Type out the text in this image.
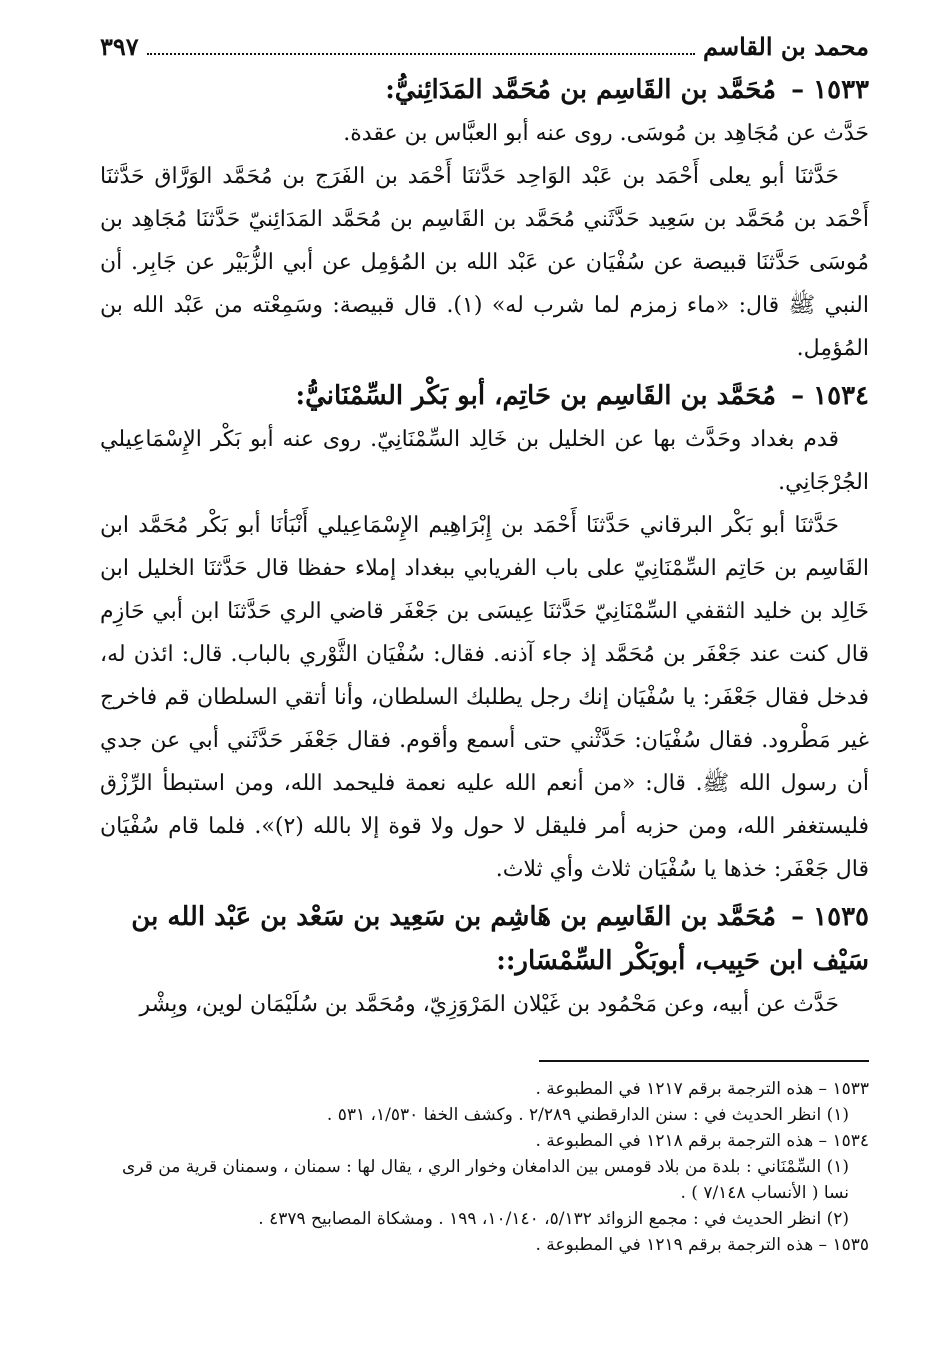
محمد بن القاسم
٣٩٧

١٥٣٣ – مُحَمَّد بن القَاسِم بن مُحَمَّد المَدَائِنيُّ:

حَدَّث عن مُجَاهِد بن مُوسَى. روى عنه أبو العبَّاس بن عقدة.

حَدَّثنَا أبو يعلى أَحْمَد بن عَبْد الوَاحِد حَدَّثنَا أَحْمَد بن الفَرَج بن مُحَمَّد الوَرَّاق حَدَّثنَا أَحْمَد بن مُحَمَّد بن سَعِيد حَدَّثَني مُحَمَّد بن القَاسِم بن مُحَمَّد المَدَائِنيّ حَدَّثنَا مُجَاهِد بن مُوسَى حَدَّثنَا قبيصة عن سُفْيَان عن عَبْد الله بن المُؤمِل عن أبي الزُّبَيْر عن جَابِر. أن النبي ﷺ قال: «ماء زمزم لما شرب له» (١). قال قبيصة: وسَمِعْته من عَبْد الله بن المُؤمِل.

١٥٣٤ – مُحَمَّد بن القَاسِم بن حَاتِم، أبو بَكْر السِّمْنَانيُّ:

قدم بغداد وحَدَّث بها عن الخليل بن خَالِد السِّمْنَانِيّ. روى عنه أبو بَكْر الإِسْمَاعِيلي الجُرْجَانِي.

حَدَّثنَا أبو بَكْر البرقاني حَدَّثنَا أَحْمَد بن إِبْرَاهِيم الإِسْمَاعِيلي أَنْبَأنَا أبو بَكْر مُحَمَّد ابن القَاسِم بن حَاتِم السِّمْنَانِيّ على باب الفريابي ببغداد إملاء حفظا قال حَدَّثنَا الخليل ابن خَالِد بن خليد الثقفي السِّمْنَانِيّ حَدَّثنَا عِيسَى بن جَعْفَر قاضي الري حَدَّثنَا ابن أبي حَازِم قال كنت عند جَعْفَر بن مُحَمَّد إذ جاء آذنه. فقال: سُفْيَان الثَّوْري بالباب. قال: ائذن له، فدخل فقال جَعْفَر: يا سُفْيَان إنك رجل يطلبك السلطان، وأنا أتقي السلطان قم فاخرج غير مَطْرود. فقال سُفْيَان: حَدَّثْني حتى أسمع وأقوم. فقال جَعْفَر حَدَّثَني أبي عن جدي أن رسول الله ﷺ. قال: «من أنعم الله عليه نعمة فليحمد الله، ومن استبطأ الرِّزْق فليستغفر الله، ومن حزبه أمر فليقل لا حول ولا قوة إلا بالله (٢)». فلما قام سُفْيَان قال جَعْفَر: خذها يا سُفْيَان ثلاث وأي ثلاث.

١٥٣٥ – مُحَمَّد بن القَاسِم بن هَاشِم بن سَعِيد بن سَعْد بن عَبْد الله بن سَيْف ابن حَبِيب، أبوبَكْر السِّمْسَار::

حَدَّث عن أبيه، وعن مَحْمُود بن غَيْلان المَرْوَزِيّ، ومُحَمَّد بن سُلَيْمَان لوين، وبِشْر

١٥٣٣ – هذه الترجمة برقم ١٢١٧ في المطبوعة .

(١) انظر الحديث في : سنن الدارقطني ٢/٢٨٩ . وكشف الخفا ١/٥٣٠، ٥٣١ .

١٥٣٤ – هذه الترجمة برقم ١٢١٨ في المطبوعة .

(١) السِّمْنَاني : بلدة من بلاد قومس بين الدامغان وخوار الري ، يقال لها : سمنان ، وسمنان قرية من قرى نسا ( الأنساب ٧/١٤٨ ) .

(٢) انظر الحديث في : مجمع الزوائد ٥/١٣٢، ١٠/١٤٠، ١٩٩ . ومشكاة المصابيح ٤٣٧٩ .

١٥٣٥ – هذه الترجمة برقم ١٢١٩ في المطبوعة .
